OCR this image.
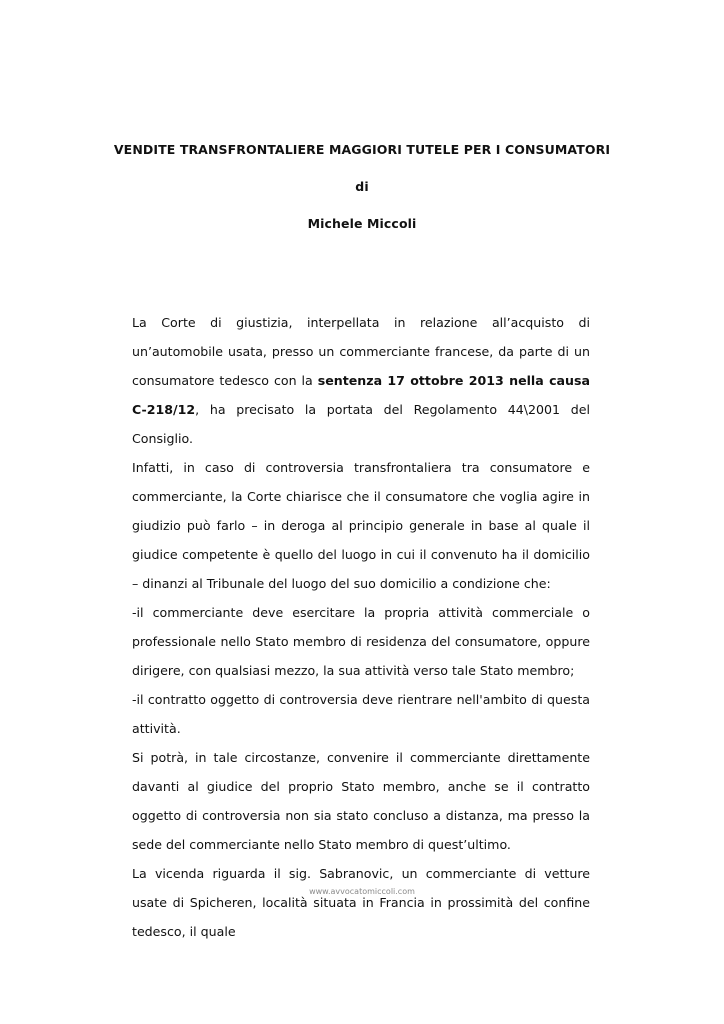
VENDITE TRANSFRONTALIERE MAGGIORI TUTELE PER I CONSUMATORI
di
Michele Miccoli

La Corte di giustizia, interpellata in relazione all’acquisto di un’automobile usata, presso un commerciante francese, da parte di un consumatore tedesco con la sentenza 17 ottobre 2013 nella causa C-218/12, ha precisato la portata del Regolamento 44\2001 del Consiglio.

Infatti, in caso di controversia transfrontaliera tra consumatore e commerciante, la Corte chiarisce che il consumatore che voglia agire in giudizio può farlo – in deroga al principio generale in base al quale il giudice competente è quello del luogo in cui il convenuto ha il domicilio – dinanzi al Tribunale del luogo del suo domicilio a condizione che:

-il commerciante deve esercitare la propria attività commerciale o professionale nello Stato membro di residenza del consumatore, oppure dirigere, con qualsiasi mezzo, la sua attività verso tale Stato membro;

-il contratto oggetto di controversia deve rientrare nell'ambito di questa attività.

Si potrà, in tale circostanze, convenire il commerciante direttamente davanti al giudice del proprio Stato membro, anche se il contratto oggetto di controversia non sia stato concluso a distanza, ma presso la sede del commerciante nello Stato membro di quest’ultimo.

La vicenda riguarda il sig. Sabranovic, un commerciante di vetture usate di Spicheren, località situata in Francia in prossimità del confine tedesco, il quale

www.avvocatomiccoli.com
